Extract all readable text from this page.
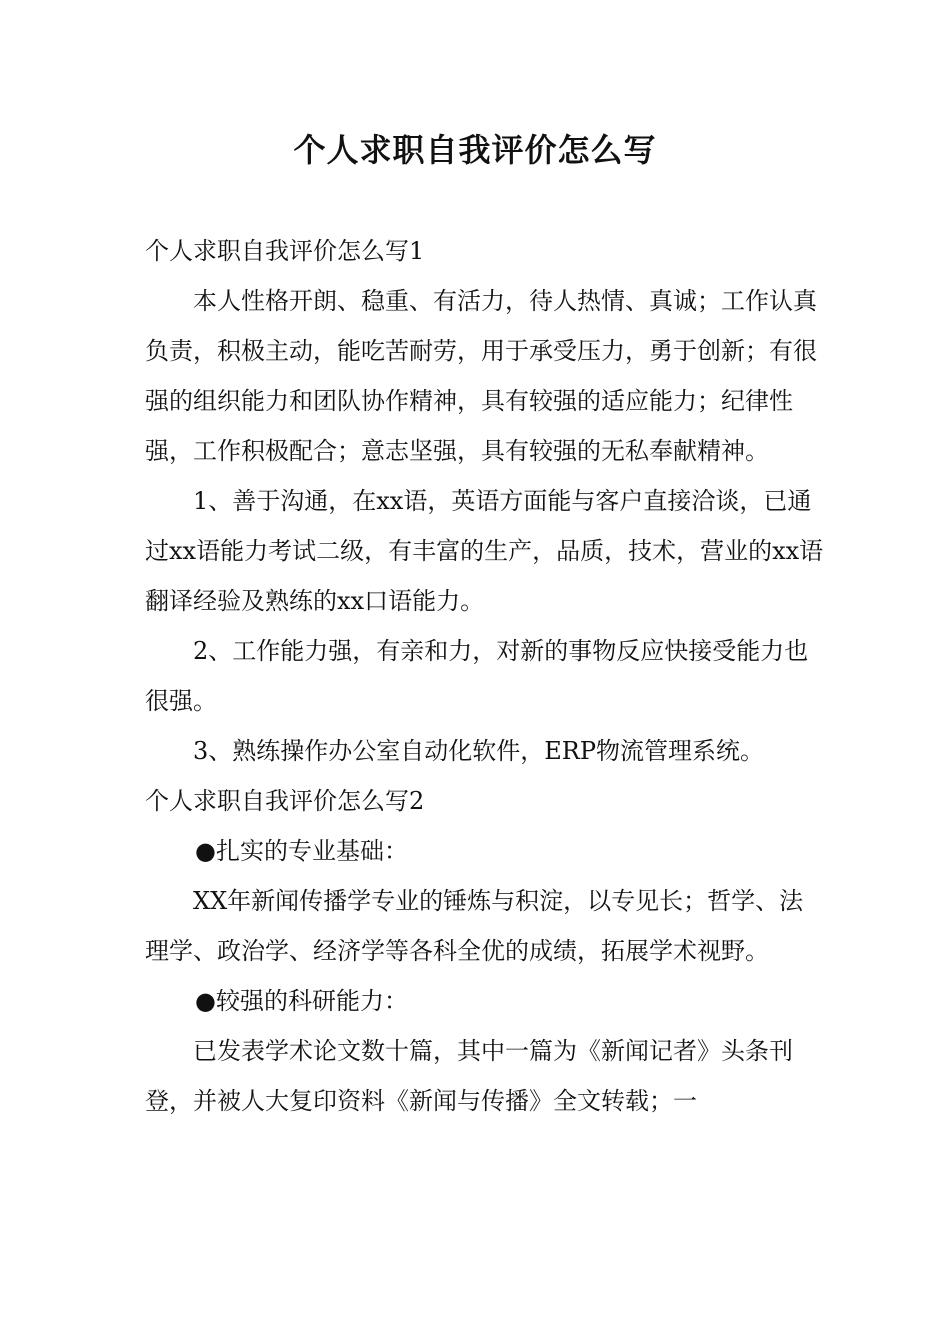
个人求职自我评价怎么写

个人求职自我评价怎么写1

本人性格开朗、稳重、有活力，待人热情、真诚；工作认真负责，积极主动，能吃苦耐劳，用于承受压力，勇于创新；有很强的组织能力和团队协作精神，具有较强的适应能力；纪律性强，工作积极配合；意志坚强，具有较强的无私奉献精神。

1、善于沟通，在xx语，英语方面能与客户直接洽谈，已通过xx语能力考试二级，有丰富的生产，品质，技术，营业的xx语翻译经验及熟练的xx口语能力。

2、工作能力强，有亲和力，对新的事物反应快接受能力也很强。

3、熟练操作办公室自动化软件，ERP物流管理系统。

个人求职自我评价怎么写2

●扎实的专业基础：

XX年新闻传播学专业的锤炼与积淀，以专见长；哲学、法理学、政治学、经济学等各科全优的成绩，拓展学术视野。

●较强的科研能力：

已发表学术论文数十篇，其中一篇为《新闻记者》头条刊登，并被人大复印资料《新闻与传播》全文转载；一
